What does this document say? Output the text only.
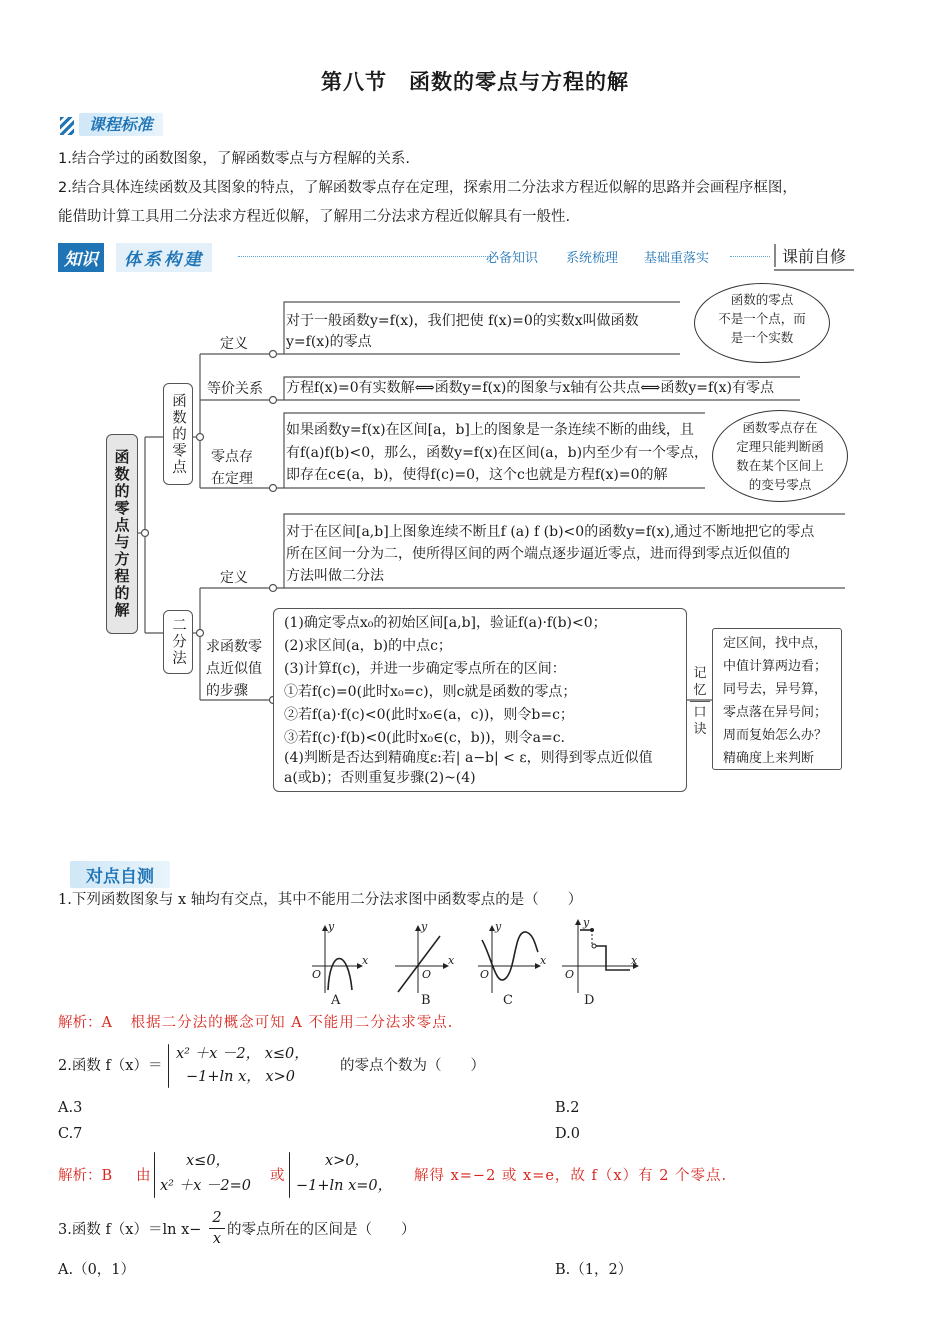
第八节　函数的零点与方程的解
课程标准
1.结合学过的函数图象，了解函数零点与方程解的关系.
2.结合具体连续函数及其图象的特点，了解函数零点存在定理，探索用二分法求方程近似解的思路并会画程序框图，
能借助计算工具用二分法求方程近似解，了解用二分法求方程近似解具有一般性.
知识	体系构建	必备知识 系统梳理 基础重落实	课前自修
函数的零点与方程的解
函数的零点
二分法
定义
等价关系
零点存
在定理
对于一般函数y=f(x)，我们把使 f(x)=0的实数x叫做函数
y=f(x)的零点
方程f(x)=0有实数解⟺函数y=f(x)的图象与x轴有公共点⟺函数y=f(x)有零点
如果函数y=f(x)在区间[a，b]上的图象是一条连续不断的曲线，且
有f(a)f(b)<0，那么，函数y=f(x)在区间(a，b)内至少有一个零点，
即存在c∈(a，b)，使得f(c)=0，这个c也就是方程f(x)=0的解
函数的零点
不是一个点，而
是一个实数
函数零点存在
定理只能判断函
数在某个区间上
的变号零点
定义
对于在区间[a,b]上图象连续不断且f (a) f (b)<0的函数y=f(x),通过不断地把它的零点
所在区间一分为二，使所得区间的两个端点逐步逼近零点，进而得到零点近似值的
方法叫做二分法
求函数零
点近似值
的步骤
(1)确定零点x₀的初始区间[a,b]，验证f(a)·f(b)<0；
(2)求区间(a，b)的中点c；
(3)计算f(c)，并进一步确定零点所在的区间：
①若f(c)=0(此时x₀=c)，则c就是函数的零点；
②若f(a)·f(c)<0(此时x₀∈(a，c))，则令b=c；
③若f(c)·f(b)<0(此时x₀∈(c，b))，则令a=c.
(4)判断是否达到精确度ε:若| a−b| < ε，则得到零点近似值
a(或b)；否则重复步骤(2)~(4)
记
忆
口
诀
定区间，找中点，
中值计算两边看；
同号去，异号算，
零点落在异号间；
周而复始怎么办？
精确度上来判断
对点自测
1.下列函数图象与 x 轴均有交点，其中不能用二分法求图中函数零点的是（　　）
y
x
O
y
x
O
y
x
O
y
x
O
A	B	C	D
解析：A 根据二分法的概念可知 A 不能用二分法求零点.
2.函数 f（x）＝
x² ＋x －2， x≤0，
−1+ln x， x>0
的零点个数为（　　）
A.3	B.2
C.7	D.0
解析：B 由
x≤0，
x² ＋x －2=0
或
x>0，
−1+ln x=0，
解得 x=−2 或 x=e，故 f（x）有 2 个零点.
3.函数 f（x）＝ln $x- \frac{2}{x}$ 的零点所在的区间是（　　）
A.（0，1）	B.（1，2）
